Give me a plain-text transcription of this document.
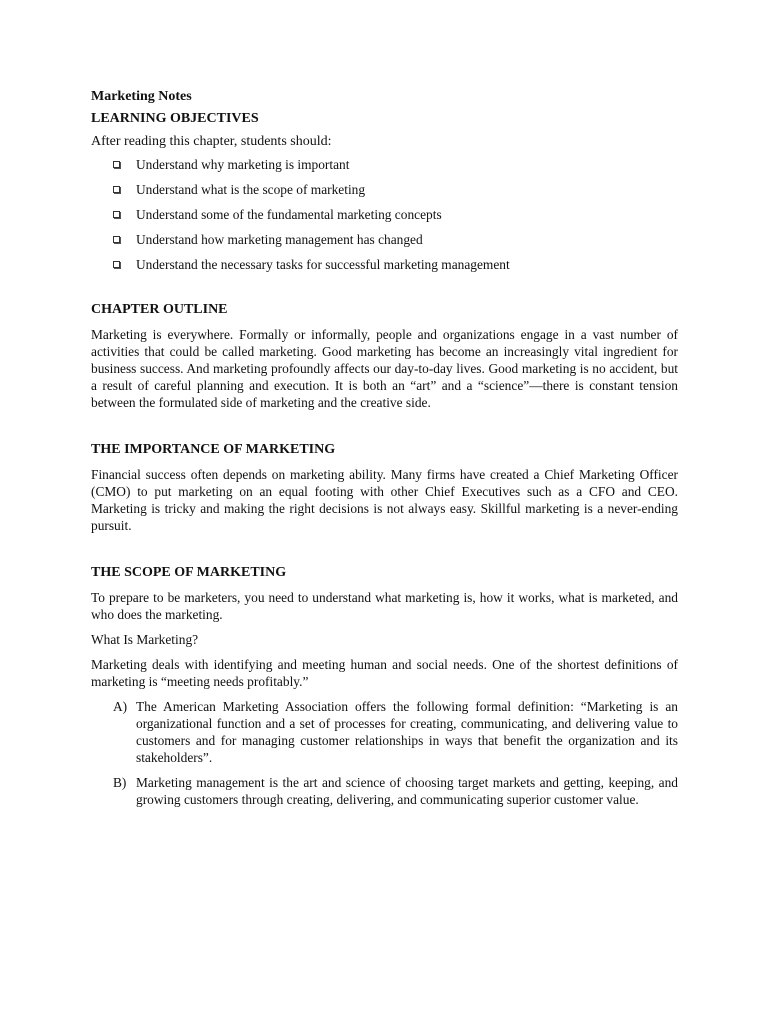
Marketing Notes
LEARNING OBJECTIVES
After reading this chapter, students should:
Understand why marketing is important
Understand what is the scope of marketing
Understand some of the fundamental marketing concepts
Understand how marketing management has changed
Understand the necessary tasks for successful marketing management
CHAPTER OUTLINE

Marketing is everywhere. Formally or informally, people and organizations engage in a vast number of activities that could be called marketing. Good marketing has become an increasingly vital ingredient for business success. And marketing profoundly affects our day-to-day lives. Good marketing is no accident, but a result of careful planning and execution. It is both an “art” and a “science”—there is constant tension between the formulated side of marketing and the creative side.

THE IMPORTANCE OF MARKETING

Financial success often depends on marketing ability. Many firms have created a Chief Marketing Officer (CMO) to put marketing on an equal footing with other Chief Executives such as a CFO and CEO. Marketing is tricky and making the right decisions is not always easy. Skillful marketing is a never-ending pursuit.

THE SCOPE OF MARKETING

To prepare to be marketers, you need to understand what marketing is, how it works, what is marketed, and who does the marketing.

What Is Marketing?

Marketing deals with identifying and meeting human and social needs. One of the shortest definitions of marketing is “meeting needs profitably.”

A) The American Marketing Association offers the following formal definition: “Marketing is an organizational function and a set of processes for creating, communicating, and delivering value to customers and for managing customer relationships in ways that benefit the organization and its stakeholders”.
B) Marketing management is the art and science of choosing target markets and getting, keeping, and growing customers through creating, delivering, and communicating superior customer value.
